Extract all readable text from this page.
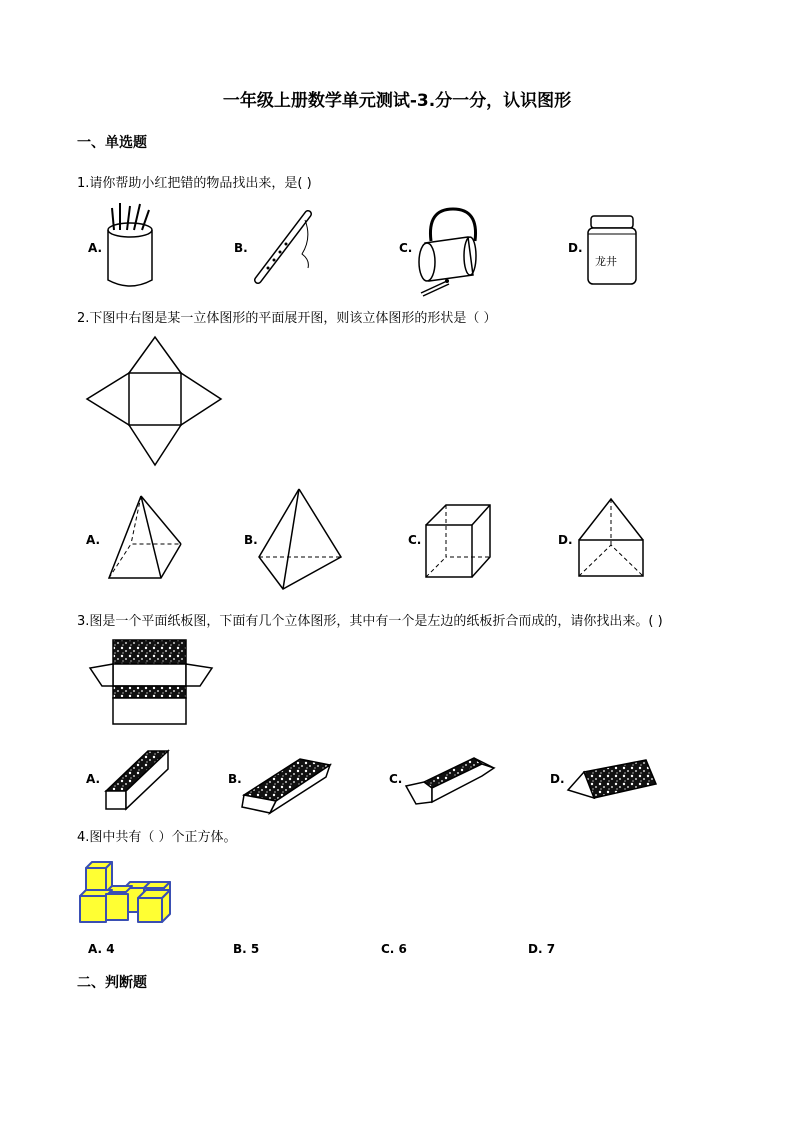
一年级上册数学单元测试-3.分一分，认识图形
一、单选题
1.请你帮助小红把错的物品找出来，是( )
A.	B.	C.	D.
龙井
2.下图中右图是某一立体图形的平面展开图，则该立体图形的形状是（ ）
A.	B.	C.	D.
3.图是一个平面纸板图，下面有几个立体图形，其中有一个是左边的纸板折合而成的，请你找出来。( )
A.	B.	C.	D.
4.图中共有（ ）个正方体。
A. 4	B. 5	C. 6	D. 7
二、判断题
